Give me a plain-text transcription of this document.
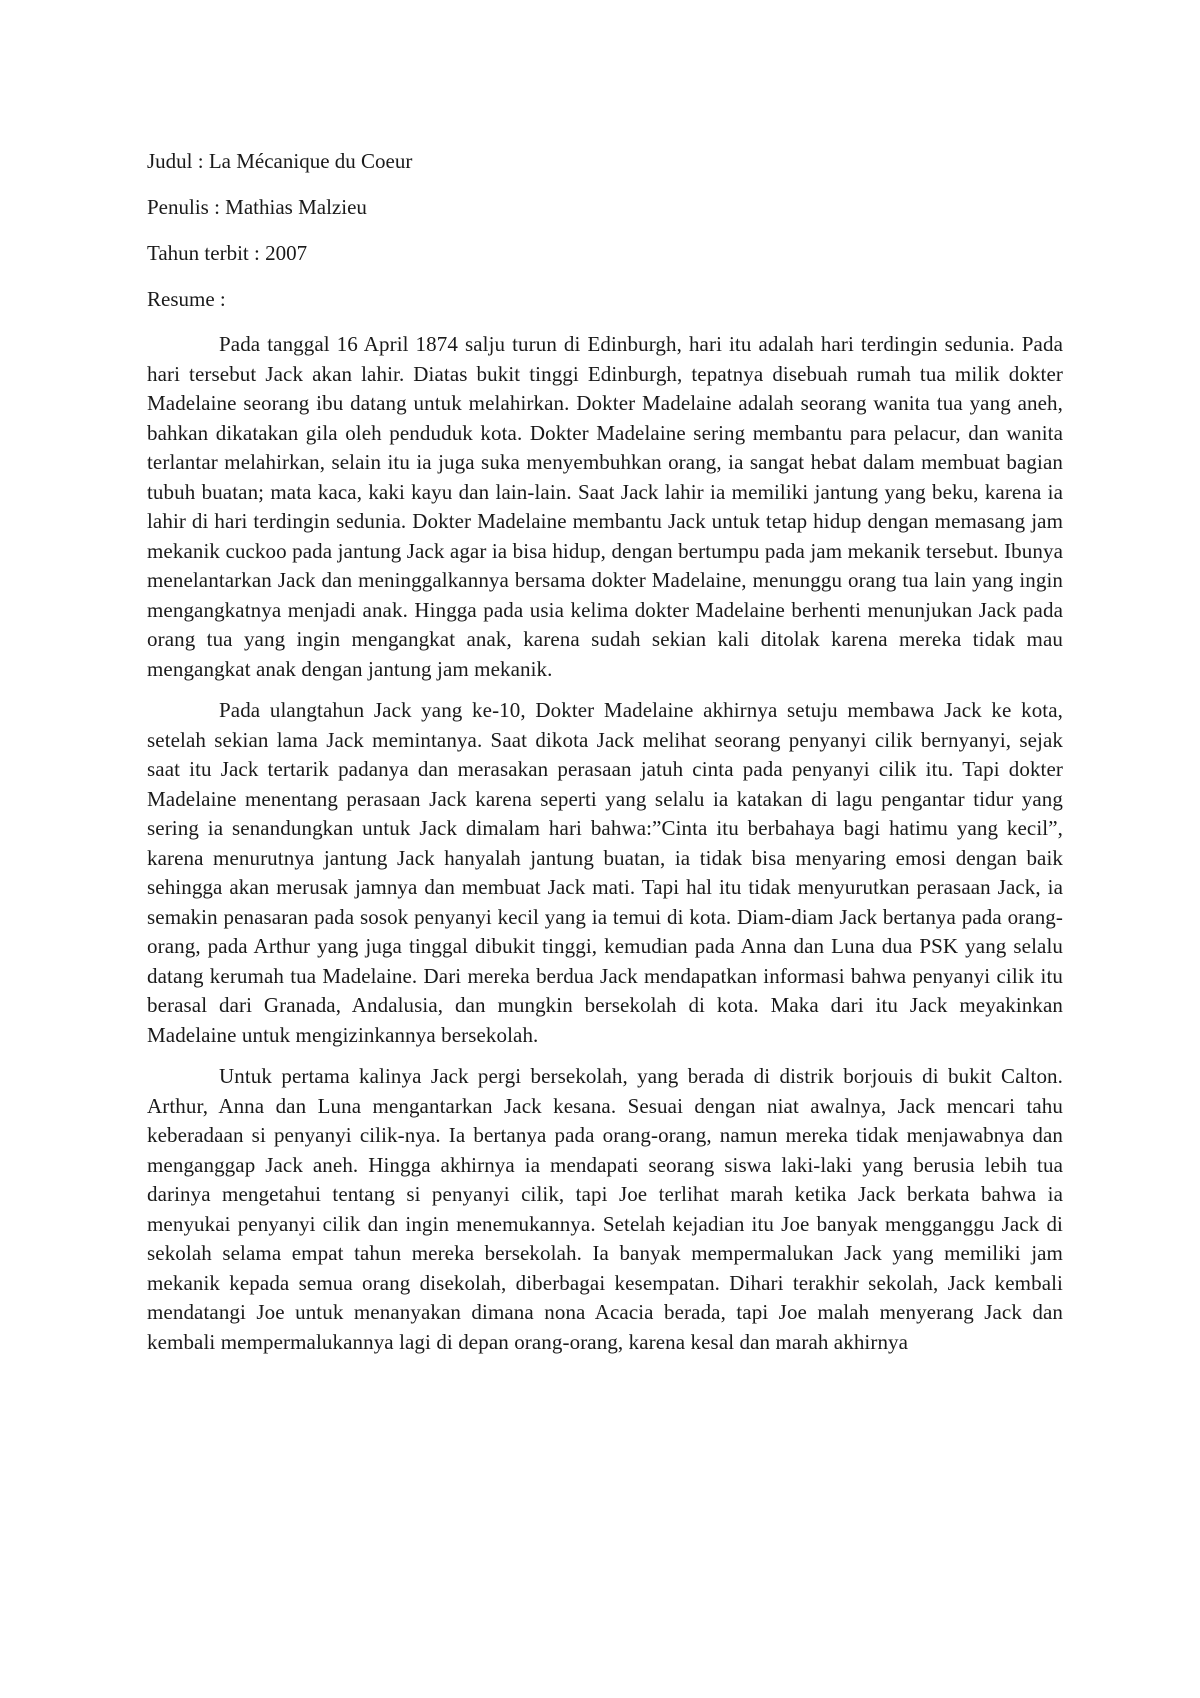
Judul : La Mécanique du Coeur
Penulis : Mathias Malzieu
Tahun terbit : 2007
Resume :

Pada tanggal 16 April 1874 salju turun di Edinburgh, hari itu adalah hari terdingin sedunia. Pada hari tersebut Jack akan lahir. Diatas bukit tinggi Edinburgh, tepatnya disebuah rumah tua milik dokter Madelaine seorang ibu datang untuk melahirkan. Dokter Madelaine adalah seorang wanita tua yang aneh, bahkan dikatakan gila oleh penduduk kota. Dokter Madelaine sering membantu para pelacur, dan wanita terlantar melahirkan, selain itu ia juga suka menyembuhkan orang, ia sangat hebat dalam membuat bagian tubuh buatan; mata kaca, kaki kayu dan lain-lain. Saat Jack lahir ia memiliki jantung yang beku, karena ia lahir di hari terdingin sedunia. Dokter Madelaine membantu Jack untuk tetap hidup dengan memasang jam mekanik cuckoo pada jantung Jack agar ia bisa hidup, dengan bertumpu pada jam mekanik tersebut. Ibunya menelantarkan Jack dan meninggalkannya bersama dokter Madelaine, menunggu orang tua lain yang ingin mengangkatnya menjadi anak. Hingga pada usia kelima dokter Madelaine berhenti menunjukan Jack pada orang tua yang ingin mengangkat anak, karena sudah sekian kali ditolak karena mereka tidak mau mengangkat anak dengan jantung jam mekanik.

Pada ulangtahun Jack yang ke-10, Dokter Madelaine akhirnya setuju membawa Jack ke kota, setelah sekian lama Jack memintanya. Saat dikota Jack melihat seorang penyanyi cilik bernyanyi, sejak saat itu Jack tertarik padanya dan merasakan perasaan jatuh cinta pada penyanyi cilik itu. Tapi dokter Madelaine menentang perasaan Jack karena seperti yang selalu ia katakan di lagu pengantar tidur yang sering ia senandungkan untuk Jack dimalam hari bahwa:”Cinta itu berbahaya bagi hatimu yang kecil”, karena menurutnya jantung Jack hanyalah jantung buatan, ia tidak bisa menyaring emosi dengan baik sehingga akan merusak jamnya dan membuat Jack mati. Tapi hal itu tidak menyurutkan perasaan Jack, ia semakin penasaran pada sosok penyanyi kecil yang ia temui di kota. Diam-diam Jack bertanya pada orang-orang, pada Arthur yang juga tinggal dibukit tinggi, kemudian pada Anna dan Luna dua PSK yang selalu datang kerumah tua Madelaine. Dari mereka berdua Jack mendapatkan informasi bahwa penyanyi cilik itu berasal dari Granada, Andalusia, dan mungkin bersekolah di kota. Maka dari itu Jack meyakinkan Madelaine untuk mengizinkannya bersekolah.

Untuk pertama kalinya Jack pergi bersekolah, yang berada di distrik borjouis di bukit Calton. Arthur, Anna dan Luna mengantarkan Jack kesana. Sesuai dengan niat awalnya, Jack mencari tahu keberadaan si penyanyi cilik-nya. Ia bertanya pada orang-orang, namun mereka tidak menjawabnya dan menganggap Jack aneh. Hingga akhirnya ia mendapati seorang siswa laki-laki yang berusia lebih tua darinya mengetahui tentang si penyanyi cilik, tapi Joe terlihat marah ketika Jack berkata bahwa ia menyukai penyanyi cilik dan ingin menemukannya. Setelah kejadian itu Joe banyak mengganggu Jack di sekolah selama empat tahun mereka bersekolah. Ia banyak mempermalukan Jack yang memiliki jam mekanik kepada semua orang disekolah, diberbagai kesempatan. Dihari terakhir sekolah, Jack kembali mendatangi Joe untuk menanyakan dimana nona Acacia berada, tapi Joe malah menyerang Jack dan kembali mempermalukannya lagi di depan orang-orang, karena kesal dan marah akhirnya
